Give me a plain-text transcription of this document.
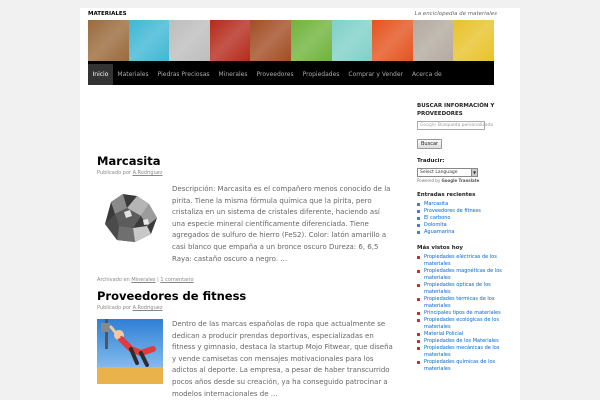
MATERIALES	La enciclopedia de materiales
Inicio	Materiales	Piedras Preciosas	Minerales	Proveedores	Propiedades	Comprar y Vender	Acerca de
Marcasita
Publicado por A.Rodriguez
Descripción: Marcasita es el compañero menos conocido de la pirita. Tiene la misma fórmula química que la pirita, pero cristaliza en un sistema de cristales diferente, haciendo así una especie mineral científicamente diferenciada. Tiene agregados de sulfuro de hierro (FeS2). Color: latón amarillo a casi blanco que empaña a un bronce oscuro Dureza: 6, 6,5 Raya: castaño oscuro a negro. …
Archivado en Minerales | 1 comentario
Proveedores de fitness
Publicado por A.Rodriguez
Dentro de las marcas españolas de ropa que actualmente se dedican a producir prendas deportivas, especializadas en fitness y gimnasio, destaca la startup Mojo Fitwear, que diseña y vende camisetas con mensajes motivacionales para los adictos al deporte. La empresa, a pesar de haber transcurrido pocos años desde su creación, ya ha conseguido patrocinar a modelos internacionales de …
BUSCAR INFORMACIÓN Y PROVEEDORES
Google Búsqueda personalizada
Buscar
Traducir:
Select Language	▼
Powered by Google Translate
Entradas recientes
Marcasita
Proveedores de fitness
El carbono
Dolomita
Aguamarina
Más vistos hoy
Propiedades eléctricas de los materiales
Propiedades magnéticas de los materiales
Propiedades ópticas de los materiales
Propiedades térmicas de los materiales
Principales tipos de materiales
Propiedades ecológicas de los materiales
Material Policial
Propiedades de los Materiales
Propiedades mecánicas de los materiales
Propiedades químicas de los materiales
